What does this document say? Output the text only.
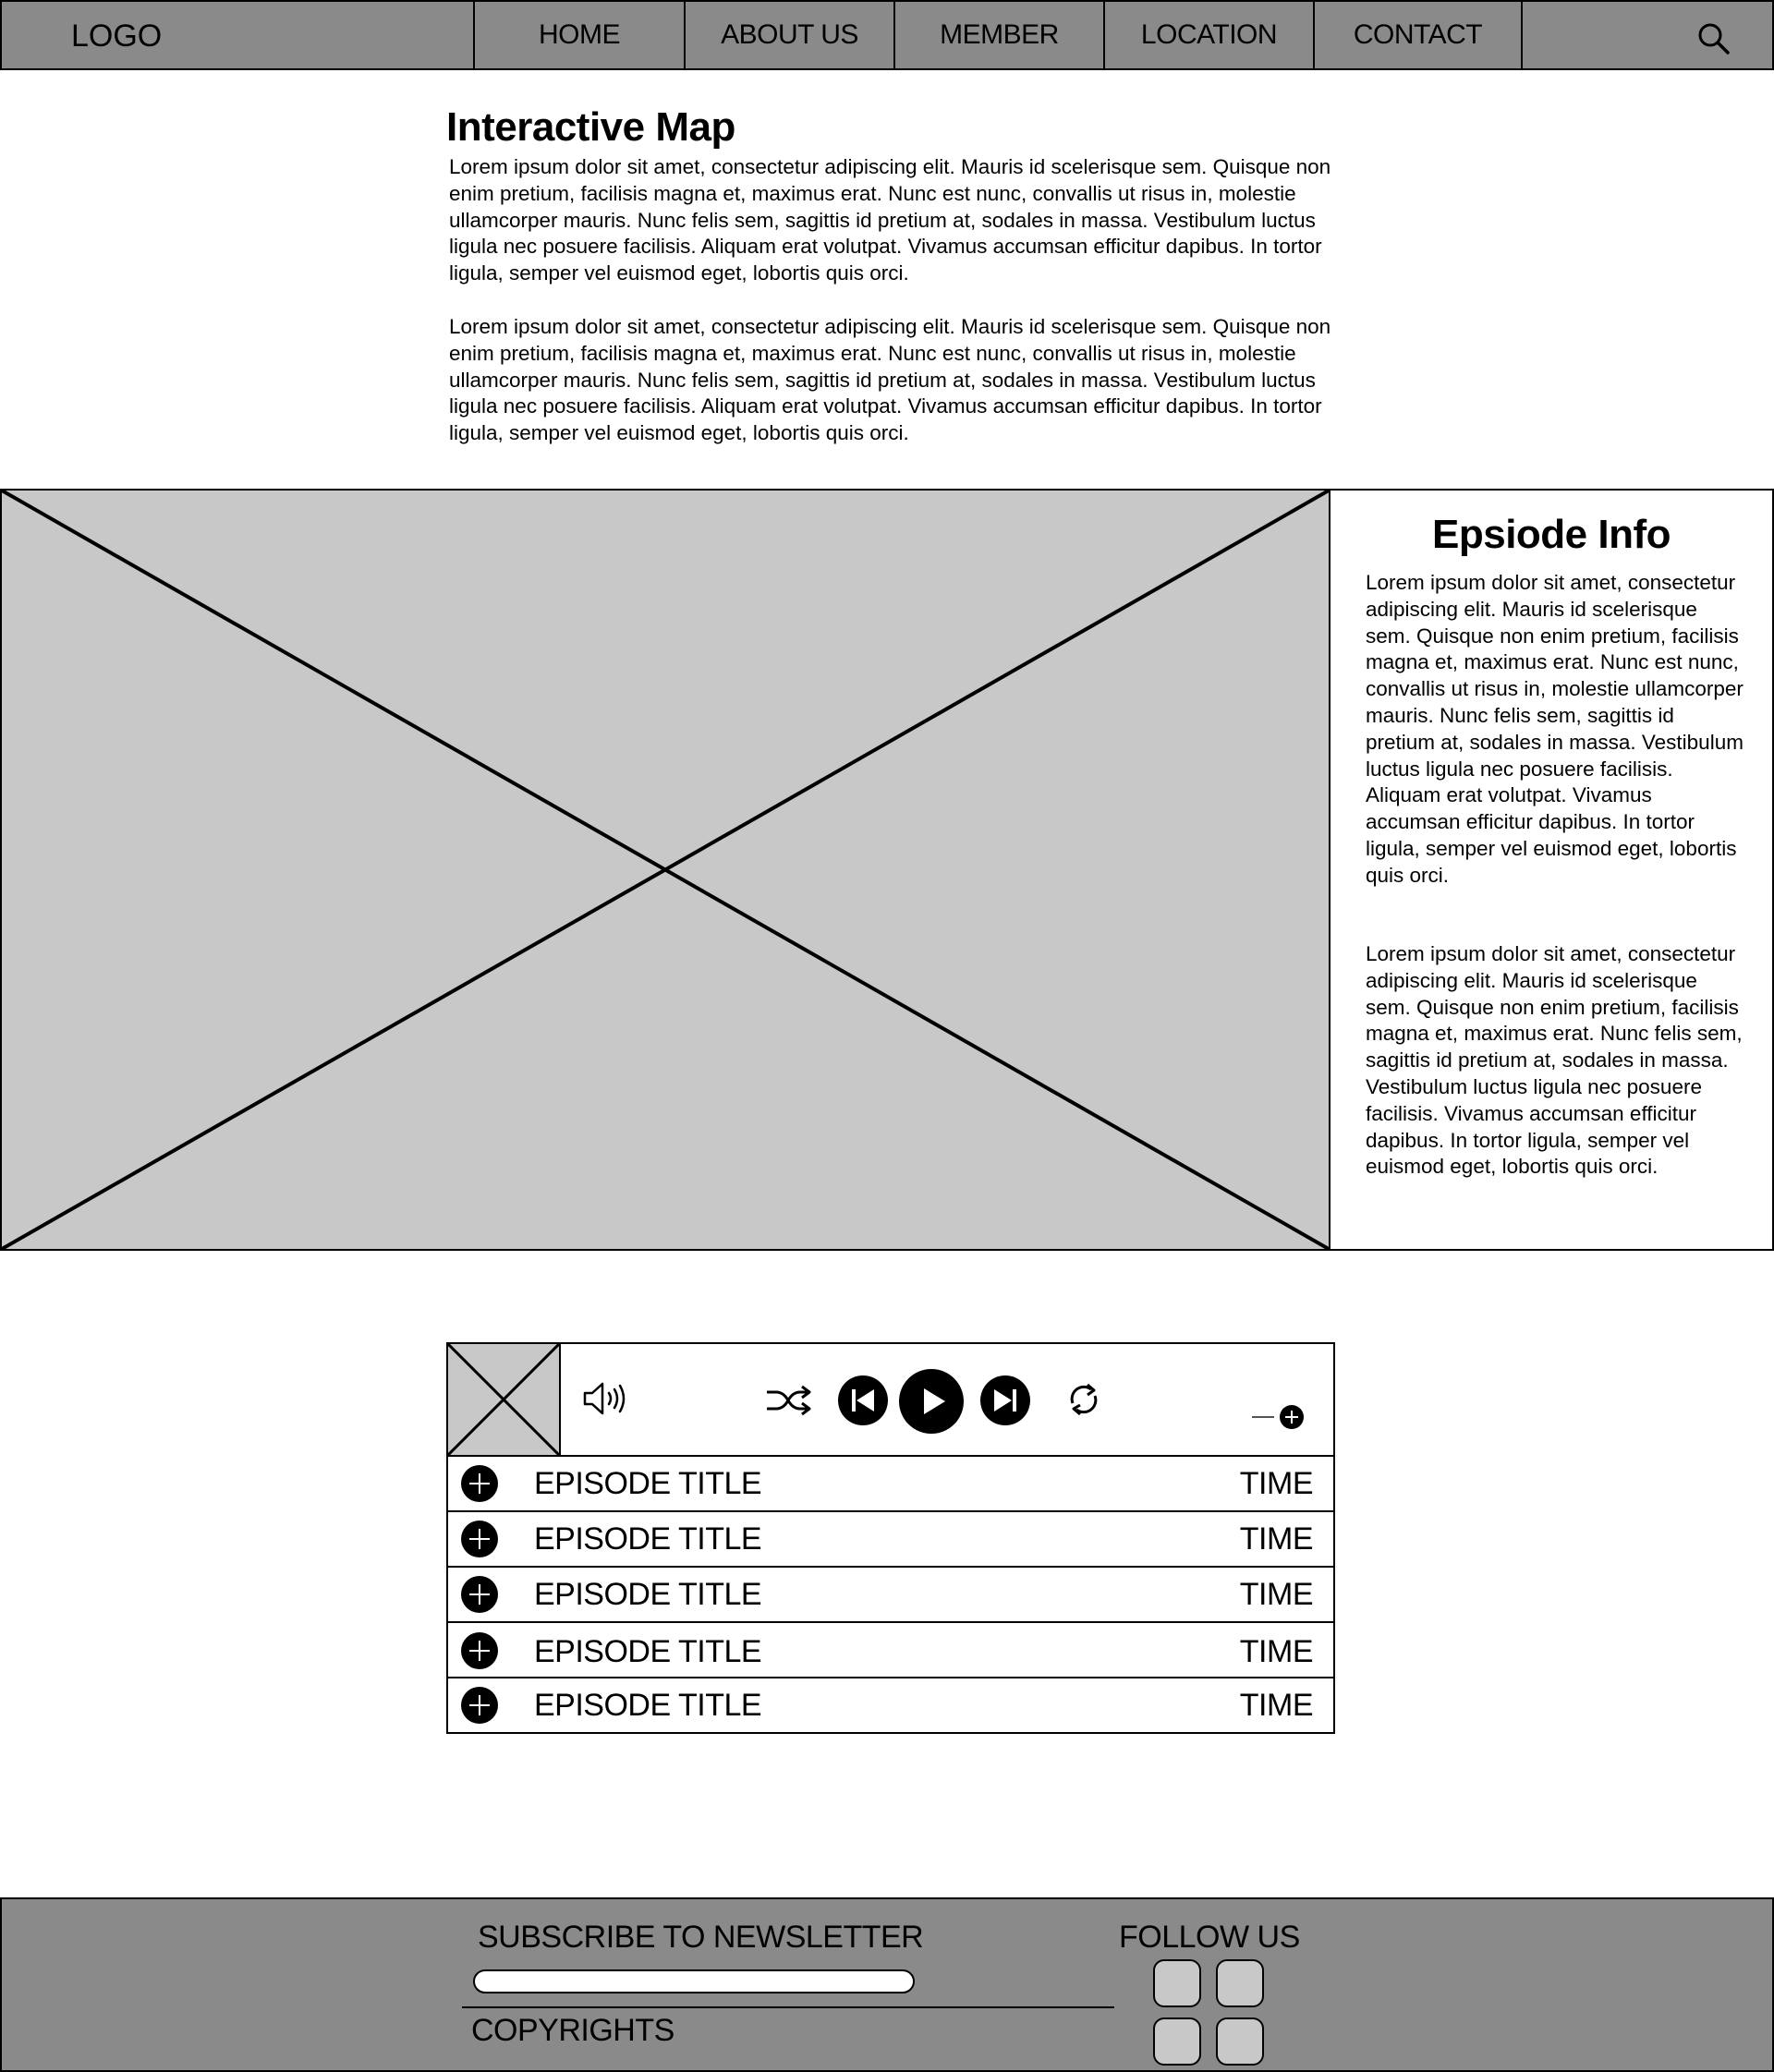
LOGO	HOME	ABOUT US	MEMBER	LOCATION	CONTACT
Interactive Map

Lorem ipsum dolor sit amet, consectetur adipiscing elit. Mauris id scelerisque sem. Quisque non enim pretium, facilisis magna et, maximus erat. Nunc est nunc, convallis ut risus in, molestie ullamcorper mauris. Nunc felis sem, sagittis id pretium at, sodales in massa. Vestibulum luctus ligula nec posuere facilisis. Aliquam erat volutpat. Vivamus accumsan efficitur dapibus. In tortor ligula, semper vel euismod eget, lobortis quis orci.

Lorem ipsum dolor sit amet, consectetur adipiscing elit. Mauris id scelerisque sem. Quisque non enim pretium, facilisis magna et, maximus erat. Nunc est nunc, convallis ut risus in, molestie ullamcorper mauris. Nunc felis sem, sagittis id pretium at, sodales in massa. Vestibulum luctus ligula nec posuere facilisis. Aliquam erat volutpat. Vivamus accumsan efficitur dapibus. In tortor ligula, semper vel euismod eget, lobortis quis orci.

Epsiode Info

Lorem ipsum dolor sit amet, consectetur adipiscing elit. Mauris id scelerisque sem. Quisque non enim pretium, facilisis magna et, maximus erat. Nunc est nunc, convallis ut risus in, molestie ullamcorper mauris. Nunc felis sem, sagittis id pretium at, sodales in massa. Vestibulum luctus ligula nec posuere facilisis. Aliquam erat volutpat. Vivamus accumsan efficitur dapibus. In tortor ligula, semper vel euismod eget, lobortis quis orci.

Lorem ipsum dolor sit amet, consectetur adipiscing elit. Mauris id scelerisque sem. Quisque non enim pretium, facilisis magna et, maximus erat. Nunc felis sem, sagittis id pretium at, sodales in massa. Vestibulum luctus ligula nec posuere facilisis. Vivamus accumsan efficitur dapibus. In tortor ligula, semper vel euismod eget, lobortis quis orci.

EPISODE TITLE	TIME
EPISODE TITLE	TIME
EPISODE TITLE	TIME
EPISODE TITLE	TIME
EPISODE TITLE	TIME
SUBSCRIBE TO NEWSLETTER
COPYRIGHTS
FOLLOW US
